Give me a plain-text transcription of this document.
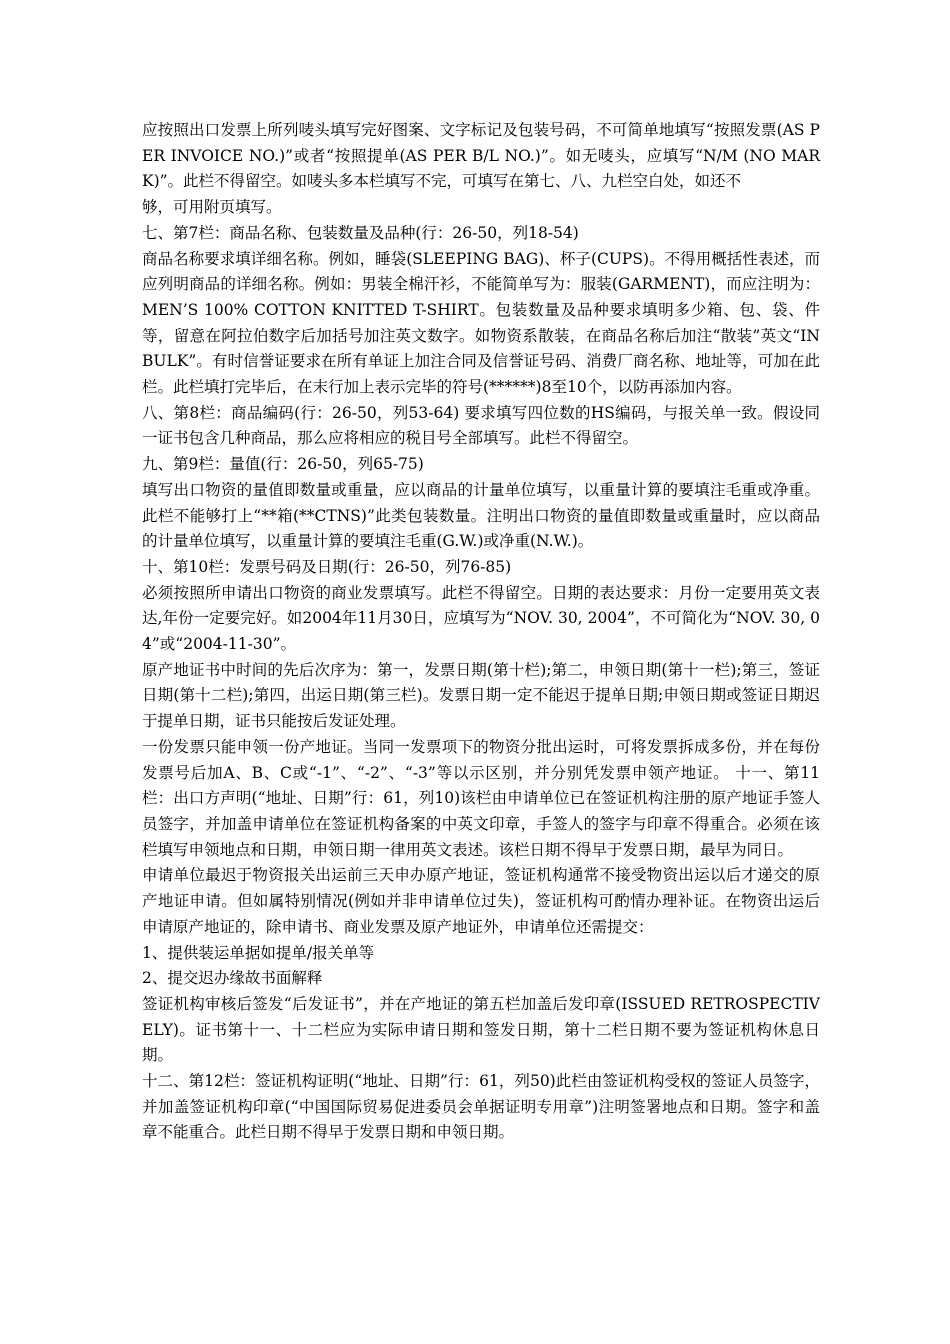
应按照出口发票上所列唛头填写完好图案、文字标记及包装号码，不可简单地填写“按照发票(AS PER INVOICE NO.)”或者“按照提单(AS PER B/L NO.)”。如无唛头，应填写“N/M (NO MARK)”。此栏不得留空。如唛头多本栏填写不完，可填写在第七、八、九栏空白处，如还不

够，可用附页填写。

七、第7栏：商品名称、包装数量及品种(行：26-50，列18-54)

商品名称要求填详细名称。例如，睡袋(SLEEPING BAG)、杯子(CUPS)。不得用概括性表述，而应列明商品的详细名称。例如：男装全棉汗衫，不能简单写为：服装(GARMENT)，而应注明为：MEN’S 100% COTTON KNITTED T-SHIRT。包装数量及品种要求填明多少箱、包、袋、件等，留意在阿拉伯数字后加括号加注英文数字。如物资系散装，在商品名称后加注“散装”英文“IN BULK”。有时信誉证要求在所有单证上加注合同及信誉证号码、消费厂商名称、地址等，可加在此栏。此栏填打完毕后，在末行加上表示完毕的符号(******)8至10个，以防再添加内容。

八、第8栏：商品编码(行：26-50，列53-64) 要求填写四位数的HS编码，与报关单一致。假设同一证书包含几种商品，那么应将相应的税目号全部填写。此栏不得留空。

九、第9栏：量值(行：26-50，列65-75)

填写出口物资的量值即数量或重量，应以商品的计量单位填写，以重量计算的要填注毛重或净重。此栏不能够打上“**箱(**CTNS)”此类包装数量。注明出口物资的量值即数量或重量时，应以商品的计量单位填写，以重量计算的要填注毛重(G.W.)或净重(N.W.)。

十、第10栏：发票号码及日期(行：26-50，列76-85)

必须按照所申请出口物资的商业发票填写。此栏不得留空。日期的表达要求：月份一定要用英文表达,年份一定要完好。如2004年11月30日，应填写为“NOV. 30, 2004”，不可简化为“NOV. 30, 04”或“2004-11-30”。

原产地证书中时间的先后次序为：第一，发票日期(第十栏);第二，申领日期(第十一栏);第三，签证日期(第十二栏);第四，出运日期(第三栏)。发票日期一定不能迟于提单日期;申领日期或签证日期迟于提单日期，证书只能按后发证处理。

一份发票只能申领一份产地证。当同一发票项下的物资分批出运时，可将发票拆成多份，并在每份发票号后加A、B、C或“-1”、“-2”、“-3”等以示区别，并分别凭发票申领产地证。 十一、第11栏：出口方声明(“地址、日期”行：61，列10)该栏由申请单位已在签证机构注册的原产地证手签人员签字，并加盖申请单位在签证机构备案的中英文印章，手签人的签字与印章不得重合。必须在该栏填写申领地点和日期，申领日期一律用英文表述。该栏日期不得早于发票日期，最早为同日。

申请单位最迟于物资报关出运前三天申办原产地证，签证机构通常不接受物资出运以后才递交的原产地证申请。但如属特别情况(例如并非申请单位过失)，签证机构可酌情办理补证。在物资出运后申请原产地证的，除申请书、商业发票及原产地证外，申请单位还需提交：

1、提供装运单据如提单/报关单等

2、提交迟办缘故书面解释

签证机构审核后签发“后发证书”，并在产地证的第五栏加盖后发印章(ISSUED RETROSPECTIVELY)。证书第十一、十二栏应为实际申请日期和签发日期，第十二栏日期不要为签证机构休息日期。

十二、第12栏：签证机构证明(“地址、日期”行：61，列50)此栏由签证机构受权的签证人员签字，并加盖签证机构印章(“中国国际贸易促进委员会单据证明专用章”)注明签署地点和日期。签字和盖章不能重合。此栏日期不得早于发票日期和申领日期。
